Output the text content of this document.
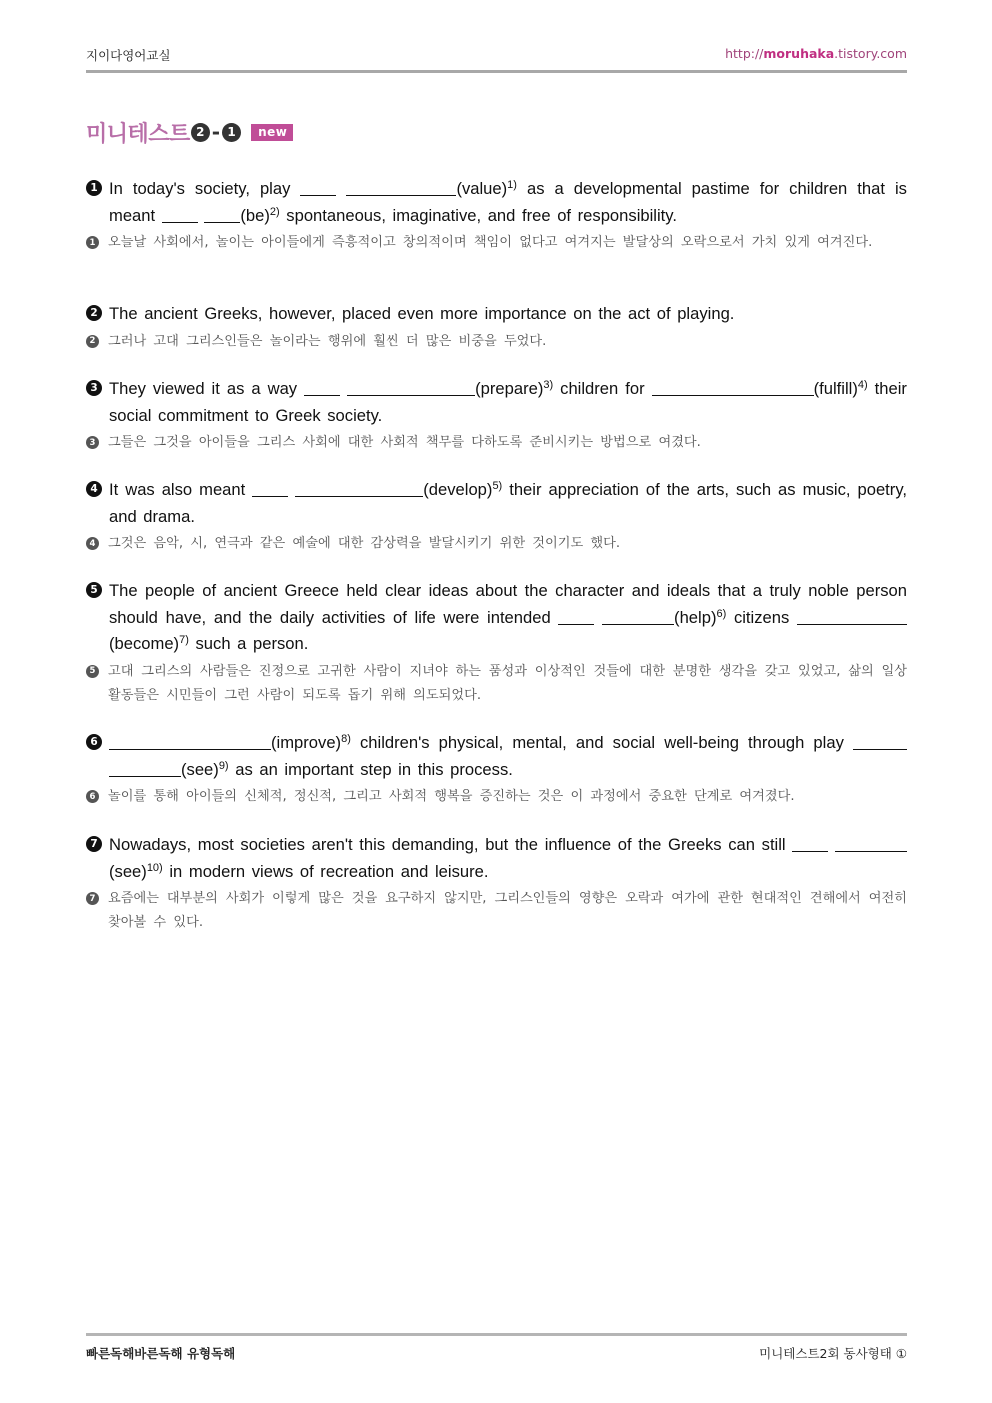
지이다영어교실	http://moruhaka.tistory.com
미니테스트 2 - 1	new
1 In today's society, play	(value)$^{1)}$ as a developmental pastime for children that is meant	(be)$^{2)}$ spontaneous, imaginative, and free of responsibility.
1 오늘날 사회에서, 놀이는 아이들에게 즉흥적이고 창의적이며 책임이 없다고 여겨지는 발달상의 오락으로서 가치 있게 여겨진다.
2 The ancient Greeks, however, placed even more importance on the act of playing.
2 그러나 고대 그리스인들은 놀이라는 행위에 훨씬 더 많은 비중을 두었다.
3 They viewed it as a way	(prepare)$^{3)}$ children for	(fulfill)$^{4)}$ their social commitment to Greek society.
3 그들은 그것을 아이들을 그리스 사회에 대한 사회적 책무를 다하도록 준비시키는 방법으로 여겼다.
4 It was also meant	(develop)$^{5)}$ their appreciation of the arts, such as music, poetry, and drama.
4 그것은 음악, 시, 연극과 같은 예술에 대한 감상력을 발달시키기 위한 것이기도 했다.
5 The people of ancient Greece held clear ideas about the character and ideals that a truly noble person should have, and the daily activities of life were intended	(help)$^{6)}$ citizens (become)$^{7)}$ such a person.
5 고대 그리스의 사람들은 진정으로 고귀한 사람이 지녀야 하는 품성과 이상적인 것들에 대한 분명한 생각을 갖고 있었고, 삶의 일상 활동들은 시민들이 그런 사람이 되도록 돕기 위해 의도되었다.
6	(improve)$^{8)}$ children's physical, mental, and social well-being through play  (see)$^{9)}$ as an important step in this process.
6 놀이를 통해 아이들의 신체적, 정신적, 그리고 사회적 행복을 증진하는 것은 이 과정에서 중요한 단계로 여겨졌다.
7 Nowadays, most societies aren't this demanding, but the influence of the Greeks can still  (see)$^{10)}$ in modern views of recreation and leisure.
7 요즘에는 대부분의 사회가 이렇게 많은 것을 요구하지 않지만, 그리스인들의 영향은 오락과 여가에 관한 현대적인 견해에서 여전히 찾아볼 수 있다.
빠른독해바른독해 유형독해	미니테스트2회 동사형태 ①
